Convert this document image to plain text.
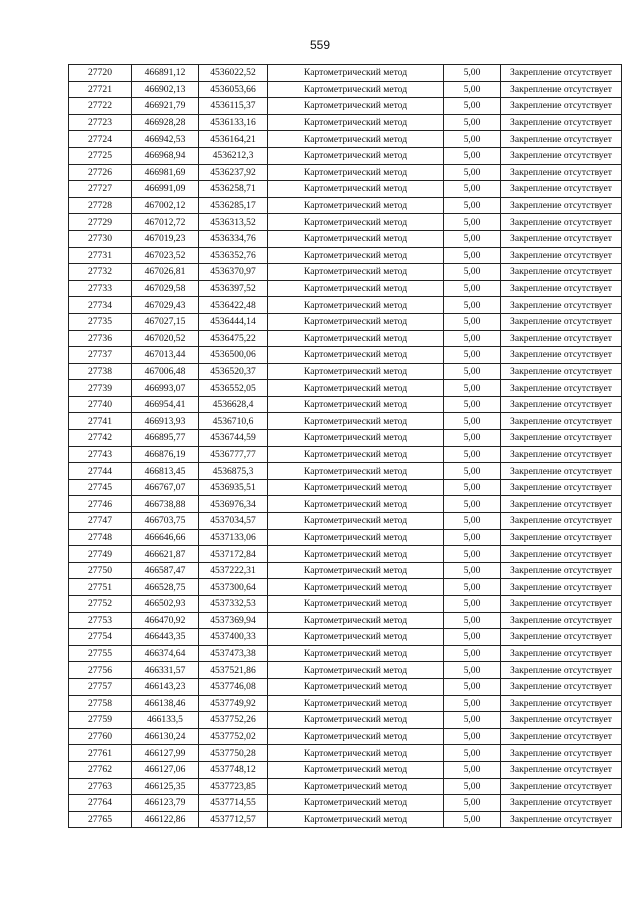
559
27720	466891,12	4536022,52	Картометрический метод	5,00	Закрепление отсутствует
27721	466902,13	4536053,66	Картометрический метод	5,00	Закрепление отсутствует
27722	466921,79	4536115,37	Картометрический метод	5,00	Закрепление отсутствует
27723	466928,28	4536133,16	Картометрический метод	5,00	Закрепление отсутствует
27724	466942,53	4536164,21	Картометрический метод	5,00	Закрепление отсутствует
27725	466968,94	4536212,3	Картометрический метод	5,00	Закрепление отсутствует
27726	466981,69	4536237,92	Картометрический метод	5,00	Закрепление отсутствует
27727	466991,09	4536258,71	Картометрический метод	5,00	Закрепление отсутствует
27728	467002,12	4536285,17	Картометрический метод	5,00	Закрепление отсутствует
27729	467012,72	4536313,52	Картометрический метод	5,00	Закрепление отсутствует
27730	467019,23	4536334,76	Картометрический метод	5,00	Закрепление отсутствует
27731	467023,52	4536352,76	Картометрический метод	5,00	Закрепление отсутствует
27732	467026,81	4536370,97	Картометрический метод	5,00	Закрепление отсутствует
27733	467029,58	4536397,52	Картометрический метод	5,00	Закрепление отсутствует
27734	467029,43	4536422,48	Картометрический метод	5,00	Закрепление отсутствует
27735	467027,15	4536444,14	Картометрический метод	5,00	Закрепление отсутствует
27736	467020,52	4536475,22	Картометрический метод	5,00	Закрепление отсутствует
27737	467013,44	4536500,06	Картометрический метод	5,00	Закрепление отсутствует
27738	467006,48	4536520,37	Картометрический метод	5,00	Закрепление отсутствует
27739	466993,07	4536552,05	Картометрический метод	5,00	Закрепление отсутствует
27740	466954,41	4536628,4	Картометрический метод	5,00	Закрепление отсутствует
27741	466913,93	4536710,6	Картометрический метод	5,00	Закрепление отсутствует
27742	466895,77	4536744,59	Картометрический метод	5,00	Закрепление отсутствует
27743	466876,19	4536777,77	Картометрический метод	5,00	Закрепление отсутствует
27744	466813,45	4536875,3	Картометрический метод	5,00	Закрепление отсутствует
27745	466767,07	4536935,51	Картометрический метод	5,00	Закрепление отсутствует
27746	466738,88	4536976,34	Картометрический метод	5,00	Закрепление отсутствует
27747	466703,75	4537034,57	Картометрический метод	5,00	Закрепление отсутствует
27748	466646,66	4537133,06	Картометрический метод	5,00	Закрепление отсутствует
27749	466621,87	4537172,84	Картометрический метод	5,00	Закрепление отсутствует
27750	466587,47	4537222,31	Картометрический метод	5,00	Закрепление отсутствует
27751	466528,75	4537300,64	Картометрический метод	5,00	Закрепление отсутствует
27752	466502,93	4537332,53	Картометрический метод	5,00	Закрепление отсутствует
27753	466470,92	4537369,94	Картометрический метод	5,00	Закрепление отсутствует
27754	466443,35	4537400,33	Картометрический метод	5,00	Закрепление отсутствует
27755	466374,64	4537473,38	Картометрический метод	5,00	Закрепление отсутствует
27756	466331,57	4537521,86	Картометрический метод	5,00	Закрепление отсутствует
27757	466143,23	4537746,08	Картометрический метод	5,00	Закрепление отсутствует
27758	466138,46	4537749,92	Картометрический метод	5,00	Закрепление отсутствует
27759	466133,5	4537752,26	Картометрический метод	5,00	Закрепление отсутствует
27760	466130,24	4537752,02	Картометрический метод	5,00	Закрепление отсутствует
27761	466127,99	4537750,28	Картометрический метод	5,00	Закрепление отсутствует
27762	466127,06	4537748,12	Картометрический метод	5,00	Закрепление отсутствует
27763	466125,35	4537723,85	Картометрический метод	5,00	Закрепление отсутствует
27764	466123,79	4537714,55	Картометрический метод	5,00	Закрепление отсутствует
27765	466122,86	4537712,57	Картометрический метод	5,00	Закрепление отсутствует
